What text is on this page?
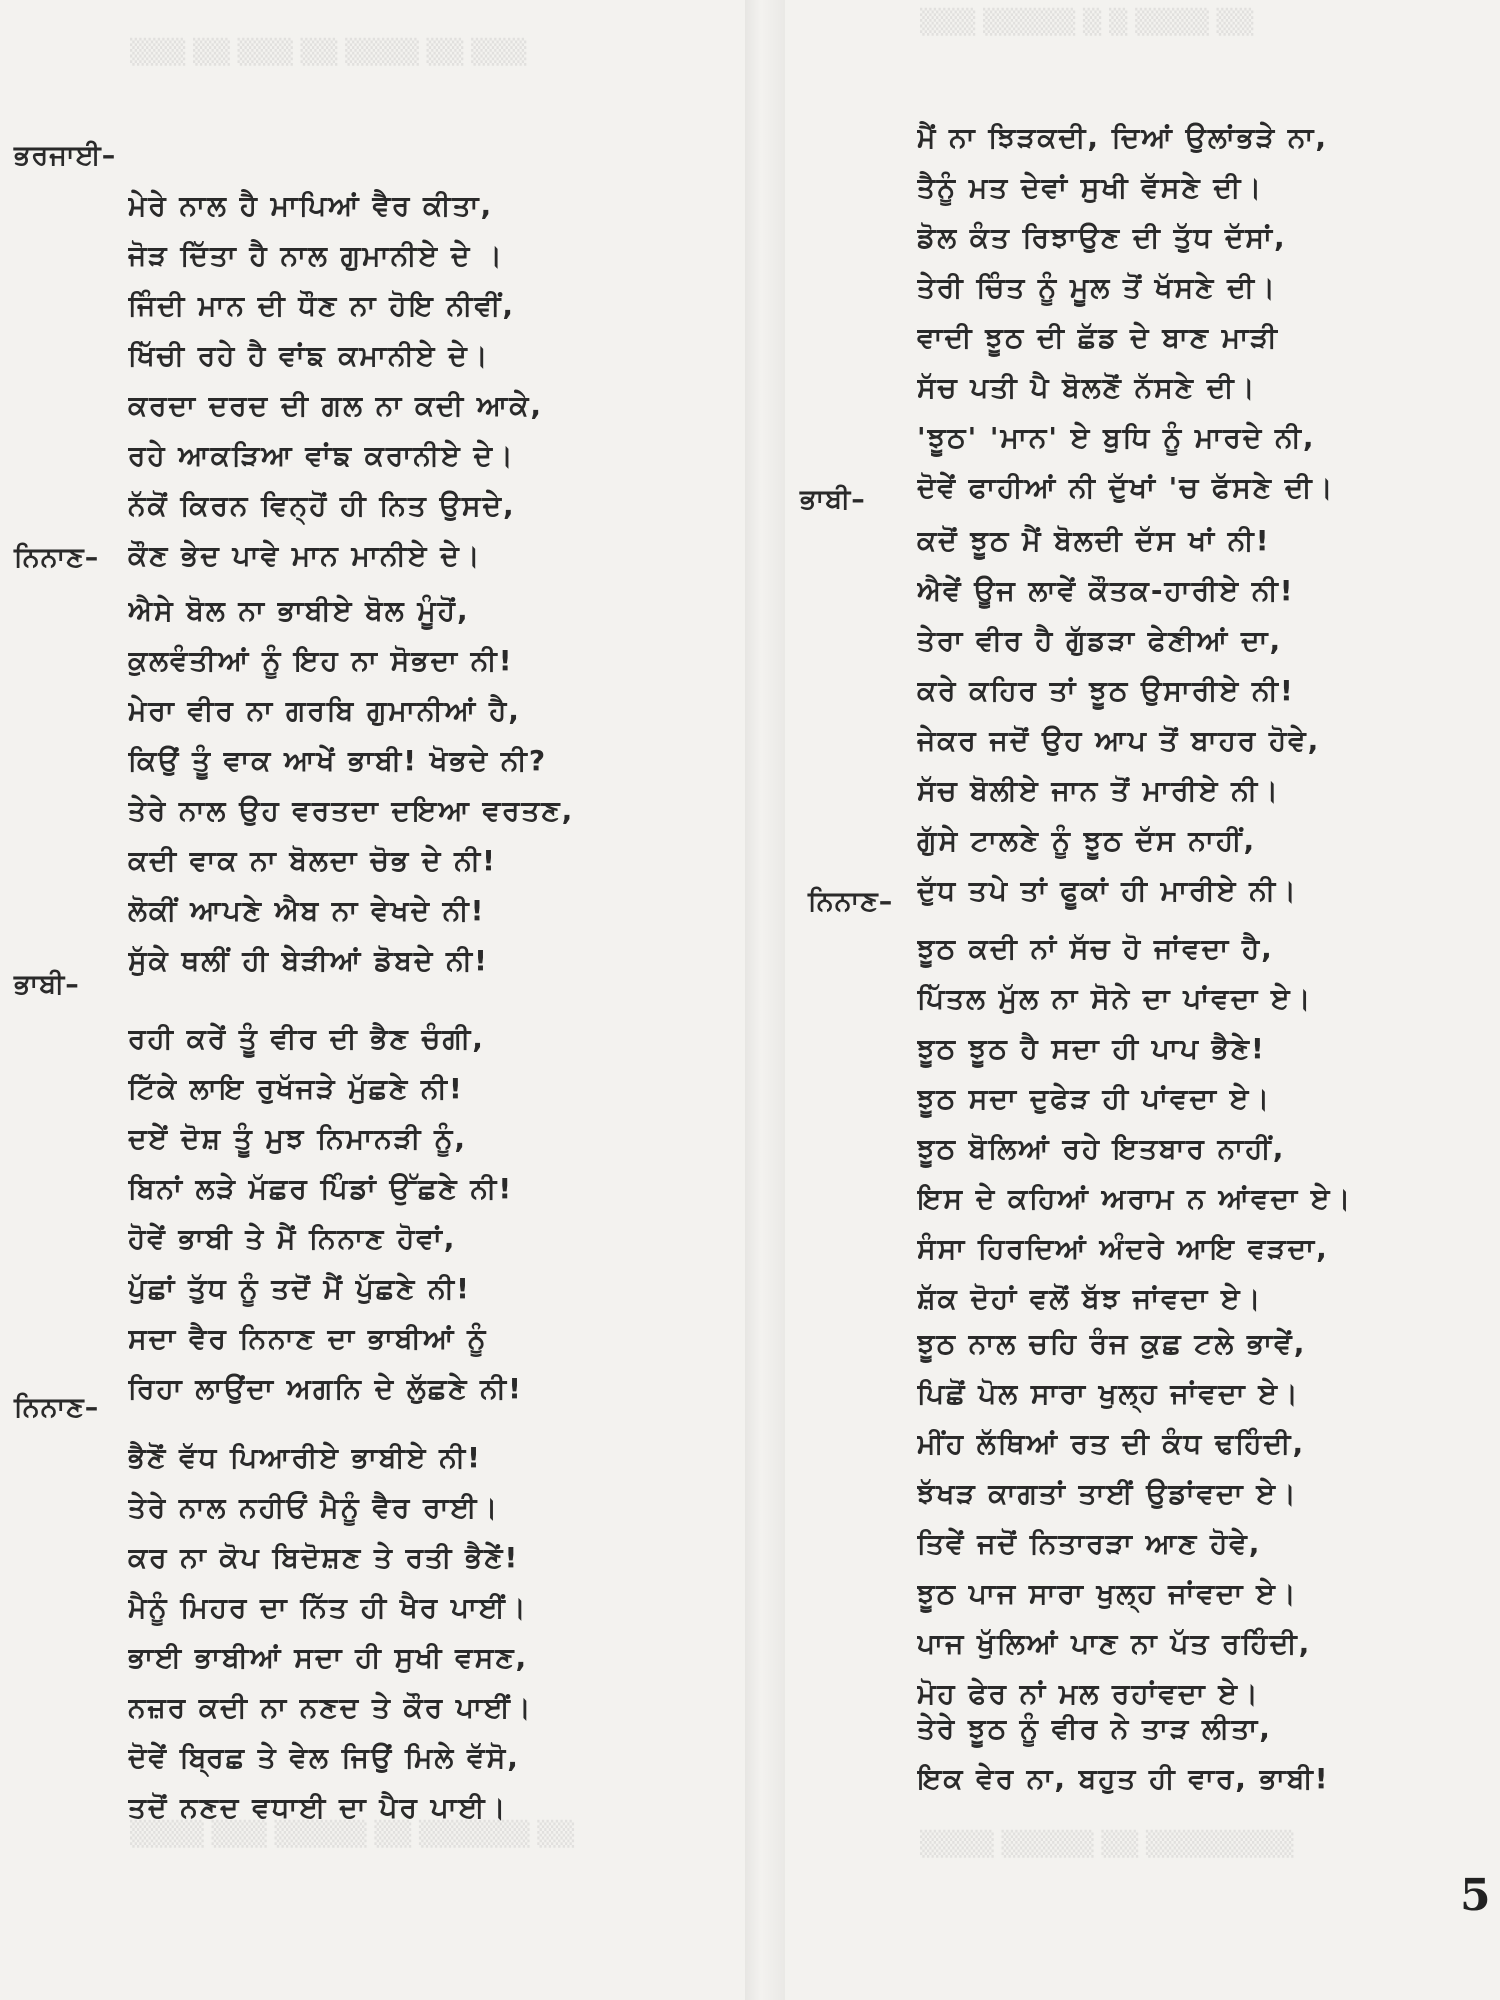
▒▒▒ ▒▒ ▒▒▒ ▒▒ ▒▒▒▒ ▒▒ ▒▒▒
▒▒▒▒ ▒▒▒ ▒▒▒▒▒ ▒▒ ▒▒▒▒▒▒ ▒▒
▒▒▒ ▒▒▒▒▒ ▒ ▒ ▒▒▒▒ ▒▒
▒▒▒▒ ▒▒▒▒▒ ▒▒ ▒▒▒▒▒▒▒▒
ਭਰਜਾਈ–
ਮੇਰੇ ਨਾਲ ਹੈ ਮਾਪਿਆਂ ਵੈਰ ਕੀਤਾ,
ਜੋੜ ਦਿੱਤਾ ਹੈ ਨਾਲ ਗੁਮਾਨੀਏ ਦੇ ।
ਜਿੰਦੀ ਮਾਨ ਦੀ ਧੌਣ ਨਾ ਹੋਇ ਨੀਵੀਂ,
ਖਿੱਚੀ ਰਹੇ ਹੈ ਵਾਂਙ ਕਮਾਨੀਏ ਦੇ।
ਕਰਦਾ ਦਰਦ ਦੀ ਗਲ ਨਾ ਕਦੀ ਆਕੇ,
ਰਹੇ ਆਕੜਿਆ ਵਾਂਙ ਕਰਾਨੀਏ ਦੇ।
ਨੱਕੋਂ ਕਿਰਨ ਵਿਨ੍ਹੋਂ ਹੀ ਨਿਤ ਉਸਦੇ,
ਕੌਣ ਭੇਦ ਪਾਵੇ ਮਾਨ ਮਾਨੀਏ ਦੇ।
ਨਿਨਾਣ–
ਐਸੇ ਬੋਲ ਨਾ ਭਾਬੀਏ ਬੋਲ ਮੂੰਹੋਂ,
ਕੁਲਵੰਤੀਆਂ ਨੂੰ ਇਹ ਨਾ ਸੋਭਦਾ ਨੀ!
ਮੇਰਾ ਵੀਰ ਨਾ ਗਰਬਿ ਗੁਮਾਨੀਆਂ ਹੈ,
ਕਿਉਂ ਤੂੰ ਵਾਕ ਆਖੇਂ ਭਾਬੀ! ਖੋਭਦੇ ਨੀ?
ਤੇਰੇ ਨਾਲ ਉਹ ਵਰਤਦਾ ਦਇਆ ਵਰਤਣ,
ਕਦੀ ਵਾਕ ਨਾ ਬੋਲਦਾ ਚੋਭ ਦੇ ਨੀ!
ਲੋਕੀਂ ਆਪਣੇ ਐਬ ਨਾ ਵੇਖਦੇ ਨੀ!
ਸੁੱਕੇ ਥਲੀਂ ਹੀ ਬੇੜੀਆਂ ਡੋਬਦੇ ਨੀ!
ਭਾਬੀ–
ਰਹੀ ਕਰੇਂ ਤੂੰ ਵੀਰ ਦੀ ਭੈਣ ਚੰਗੀ,
ਟਿੱਕੇ ਲਾਇ ਰੁਖੱਜੜੇ ਮੁੱਛਣੇ ਨੀ!
ਦਏਂ ਦੋਸ਼ ਤੂੰ ਮੁਝ ਨਿਮਾਨੜੀ ਨੂੰ,
ਬਿਨਾਂ ਲੜੇ ਮੱਛਰ ਪਿੰਡਾਂ ਉੱਛਣੇ ਨੀ!
ਹੋਵੇਂ ਭਾਬੀ ਤੇ ਮੈਂ ਨਿਨਾਣ ਹੋਵਾਂ,
ਪੁੱਛਾਂ ਤੁੱਧ ਨੂੰ ਤਦੋਂ ਮੈਂ ਪੁੱਛਣੇ ਨੀ!
ਸਦਾ ਵੈਰ ਨਿਨਾਣ ਦਾ ਭਾਬੀਆਂ ਨੂੰ
ਰਿਹਾ ਲਾਉਂਦਾ ਅਗਨਿ ਦੇ ਲੁੱਛਣੇ ਨੀ!
ਨਿਨਾਣ–
ਭੈਣੋਂ ਵੱਧ ਪਿਆਰੀਏ ਭਾਬੀਏ ਨੀ!
ਤੇਰੇ ਨਾਲ ਨਹੀਓਂ ਮੈਨੂੰ ਵੈਰ ਰਾਈ।
ਕਰ ਨਾ ਕੋਪ ਬਿਦੋਸ਼ਣ ਤੇ ਰਤੀ ਭੈਣੇਂ!
ਮੈਨੂੰ ਮਿਹਰ ਦਾ ਨਿੱਤ ਹੀ ਖੈਰ ਪਾਈਂ।
ਭਾਈ ਭਾਬੀਆਂ ਸਦਾ ਹੀ ਸੁਖੀ ਵਸਣ,
ਨਜ਼ਰ ਕਦੀ ਨਾ ਨਣਦ ਤੇ ਕੌਰ ਪਾਈਂ।
ਦੋਵੇਂ ਬ੍ਰਿਛ ਤੇ ਵੇਲ ਜਿਉਂ ਮਿਲੇ ਵੱਸੋ,
ਤਦੋਂ ਨਣਦ ਵਧਾਈ ਦਾ ਪੈਰ ਪਾਈ।
ਮੈਂ ਨਾ ਝਿੜਕਦੀ, ਦਿਆਂ ਉਲਾਂਭੜੇ ਨਾ,
ਤੈਨੂੰ ਮਤ ਦੇਵਾਂ ਸੁਖੀ ਵੱਸਣੇ ਦੀ।
ਡੋਲ ਕੰਤ ਰਿਝਾਉਣ ਦੀ ਤੁੱਧ ਦੱਸਾਂ,
ਤੇਰੀ ਚਿੰਤ ਨੂੰ ਮੂਲ ਤੋਂ ਖੱਸਣੇ ਦੀ।
ਵਾਦੀ ਝੂਠ ਦੀ ਛੱਡ ਦੇ ਬਾਣ ਮਾੜੀ
ਸੱਚ ਪਤੀ ਪੈ ਬੋਲਣੋਂ ਨੱਸਣੇ ਦੀ।
'ਝੂਠ' 'ਮਾਨ' ਏ ਬੁਧਿ ਨੂੰ ਮਾਰਦੇ ਨੀ,
ਦੋਵੇਂ ਫਾਹੀਆਂ ਨੀ ਦੁੱਖਾਂ 'ਚ ਫੱਸਣੇ ਦੀ।
ਭਾਬੀ–
ਕਦੋਂ ਝੂਠ ਮੈਂ ਬੋਲਦੀ ਦੱਸ ਖਾਂ ਨੀ!
ਐਵੇਂ ਊਜ ਲਾਵੇਂ ਕੌਤਕ-ਹਾਰੀਏ ਨੀ!
ਤੇਰਾ ਵੀਰ ਹੈ ਗੁੱਡੜਾ ਫੇਣੀਆਂ ਦਾ,
ਕਰੇ ਕਹਿਰ ਤਾਂ ਝੂਠ ਉਸਾਰੀਏ ਨੀ!
ਜੇਕਰ ਜਦੋਂ ਉਹ ਆਪ ਤੋਂ ਬਾਹਰ ਹੋਵੇ,
ਸੱਚ ਬੋਲੀਏ ਜਾਨ ਤੋਂ ਮਾਰੀਏ ਨੀ।
ਗੁੱਸੇ ਟਾਲਣੇ ਨੂੰ ਝੂਠ ਦੱਸ ਨਾਹੀਂ,
ਦੁੱਧ ਤਪੇ ਤਾਂ ਫੂਕਾਂ ਹੀ ਮਾਰੀਏ ਨੀ।
ਨਿਨਾਣ–
ਝੂਠ ਕਦੀ ਨਾਂ ਸੱਚ ਹੋ ਜਾਂਵਦਾ ਹੈ,
ਪਿੱਤਲ ਮੁੱਲ ਨਾ ਸੋਨੇ ਦਾ ਪਾਂਵਦਾ ਏ।
ਝੂਠ ਝੂਠ ਹੈ ਸਦਾ ਹੀ ਪਾਪ ਭੈਣੇ!
ਝੂਠ ਸਦਾ ਦੁਫੇੜ ਹੀ ਪਾਂਵਦਾ ਏ।
ਝੂਠ ਬੋਲਿਆਂ ਰਹੇ ਇਤਬਾਰ ਨਾਹੀਂ,
ਇਸ ਦੇ ਕਹਿਆਂ ਅਰਾਮ ਨ ਆਂਵਦਾ ਏ।
ਸੰਸਾ ਹਿਰਦਿਆਂ ਅੰਦਰੇ ਆਇ ਵੜਦਾ,
ਸ਼ੱਕ ਦੋਹਾਂ ਵਲੋਂ ਬੱਝ ਜਾਂਵਦਾ ਏ।
ਝੂਠ ਨਾਲ ਚਹਿ ਰੰਜ ਕੁਛ ਟਲੇ ਭਾਵੇਂ,
ਪਿਛੋਂ ਪੋਲ ਸਾਰਾ ਖੁਲ੍ਹ ਜਾਂਵਦਾ ਏ।
ਮੀਂਹ ਲੱਥਿਆਂ ਰਤ ਦੀ ਕੰਧ ਢਹਿੰਦੀ,
ਝੱਖੜ ਕਾਗਤਾਂ ਤਾਈਂ ਉਡਾਂਵਦਾ ਏ।
ਤਿਵੇਂ ਜਦੋਂ ਨਿਤਾਰੜਾ ਆਣ ਹੋਵੇ,
ਝੂਠ ਪਾਜ ਸਾਰਾ ਖੁਲ੍ਹ ਜਾਂਵਦਾ ਏ।
ਪਾਜ ਖੁੱਲਿਆਂ ਪਾਣ ਨਾ ਪੱਤ ਰਹਿੰਦੀ,
ਮੋਹ ਫੇਰ ਨਾਂ ਮਲ ਰਹਾਂਵਦਾ ਏ।
ਤੇਰੇ ਝੂਠ ਨੂੰ ਵੀਰ ਨੇ ਤਾੜ ਲੀਤਾ,
ਇਕ ਵੇਰ ਨਾ, ਬਹੁਤ ਹੀ ਵਾਰ, ਭਾਬੀ!
5
